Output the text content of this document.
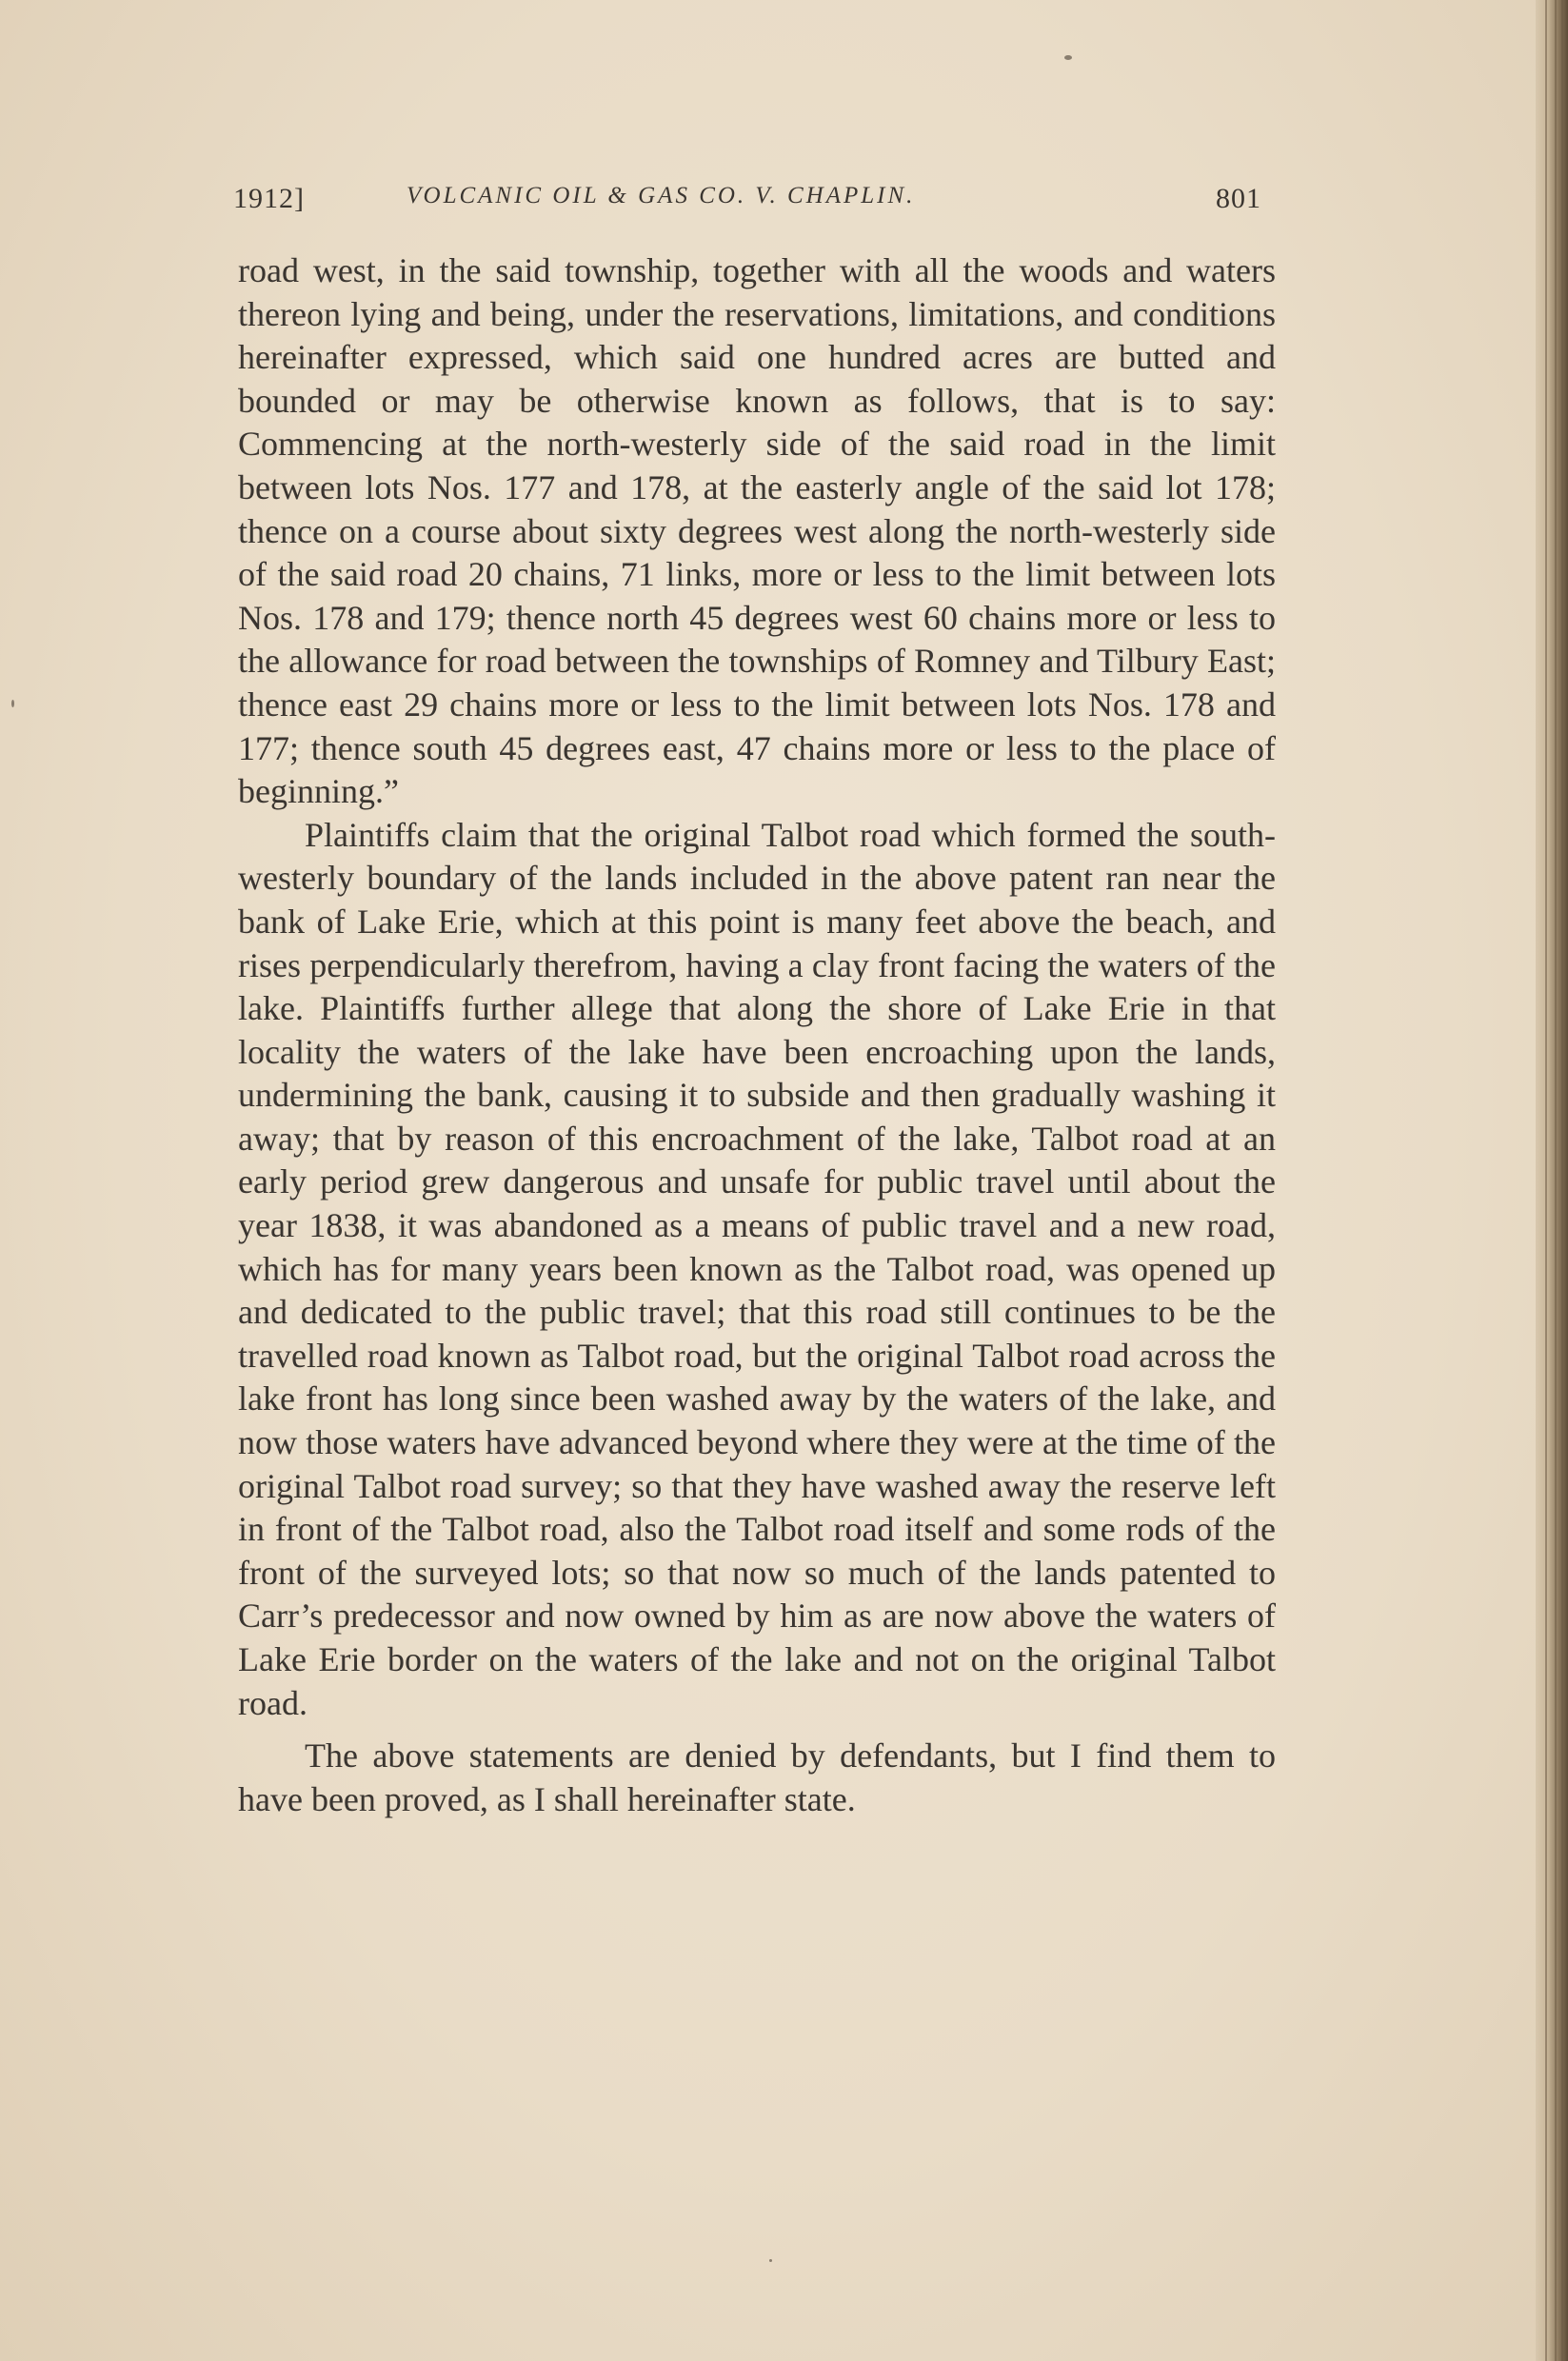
1912]	VOLCANIC OIL & GAS CO. V. CHAPLIN.	801

road west, in the said township, together with all the woods and waters thereon lying and being, under the reservations, limitations, and conditions hereinafter expressed, which said one hundred acres are butted and bounded or may be otherwise known as follows, that is to say: Commencing at the north-westerly side of the said road in the limit between lots Nos. 177 and 178, at the easterly angle of the said lot 178; thence on a course about sixty degrees west along the north-westerly side of the said road 20 chains, 71 links, more or less to the limit between lots Nos. 178 and 179; thence north 45 degrees west 60 chains more or less to the allowance for road between the townships of Romney and Tilbury East; thence east 29 chains more or less to the limit between lots Nos. 178 and 177; thence south 45 degrees east, 47 chains more or less to the place of beginning.”

Plaintiffs claim that the original Talbot road which formed the south-westerly boundary of the lands included in the above patent ran near the bank of Lake Erie, which at this point is many feet above the beach, and rises perpendicularly therefrom, having a clay front facing the waters of the lake. Plaintiffs further allege that along the shore of Lake Erie in that locality the waters of the lake have been encroaching upon the lands, undermining the bank, causing it to subside and then gradually washing it away; that by reason of this encroachment of the lake, Talbot road at an early period grew dangerous and unsafe for public travel until about the year 1838, it was abandoned as a means of public travel and a new road, which has for many years been known as the Talbot road, was opened up and dedicated to the public travel; that this road still continues to be the travelled road known as Talbot road, but the original Talbot road across the lake front has long since been washed away by the waters of the lake, and now those waters have advanced beyond where they were at the time of the original Talbot road survey; so that they have washed away the reserve left in front of the Talbot road, also the Talbot road itself and some rods of the front of the surveyed lots; so that now so much of the lands patented to Carr’s predecessor and now owned by him as are now above the waters of Lake Erie border on the waters of the lake and not on the original Talbot road.

The above statements are denied by defendants, but I find them to have been proved, as I shall hereinafter state.
